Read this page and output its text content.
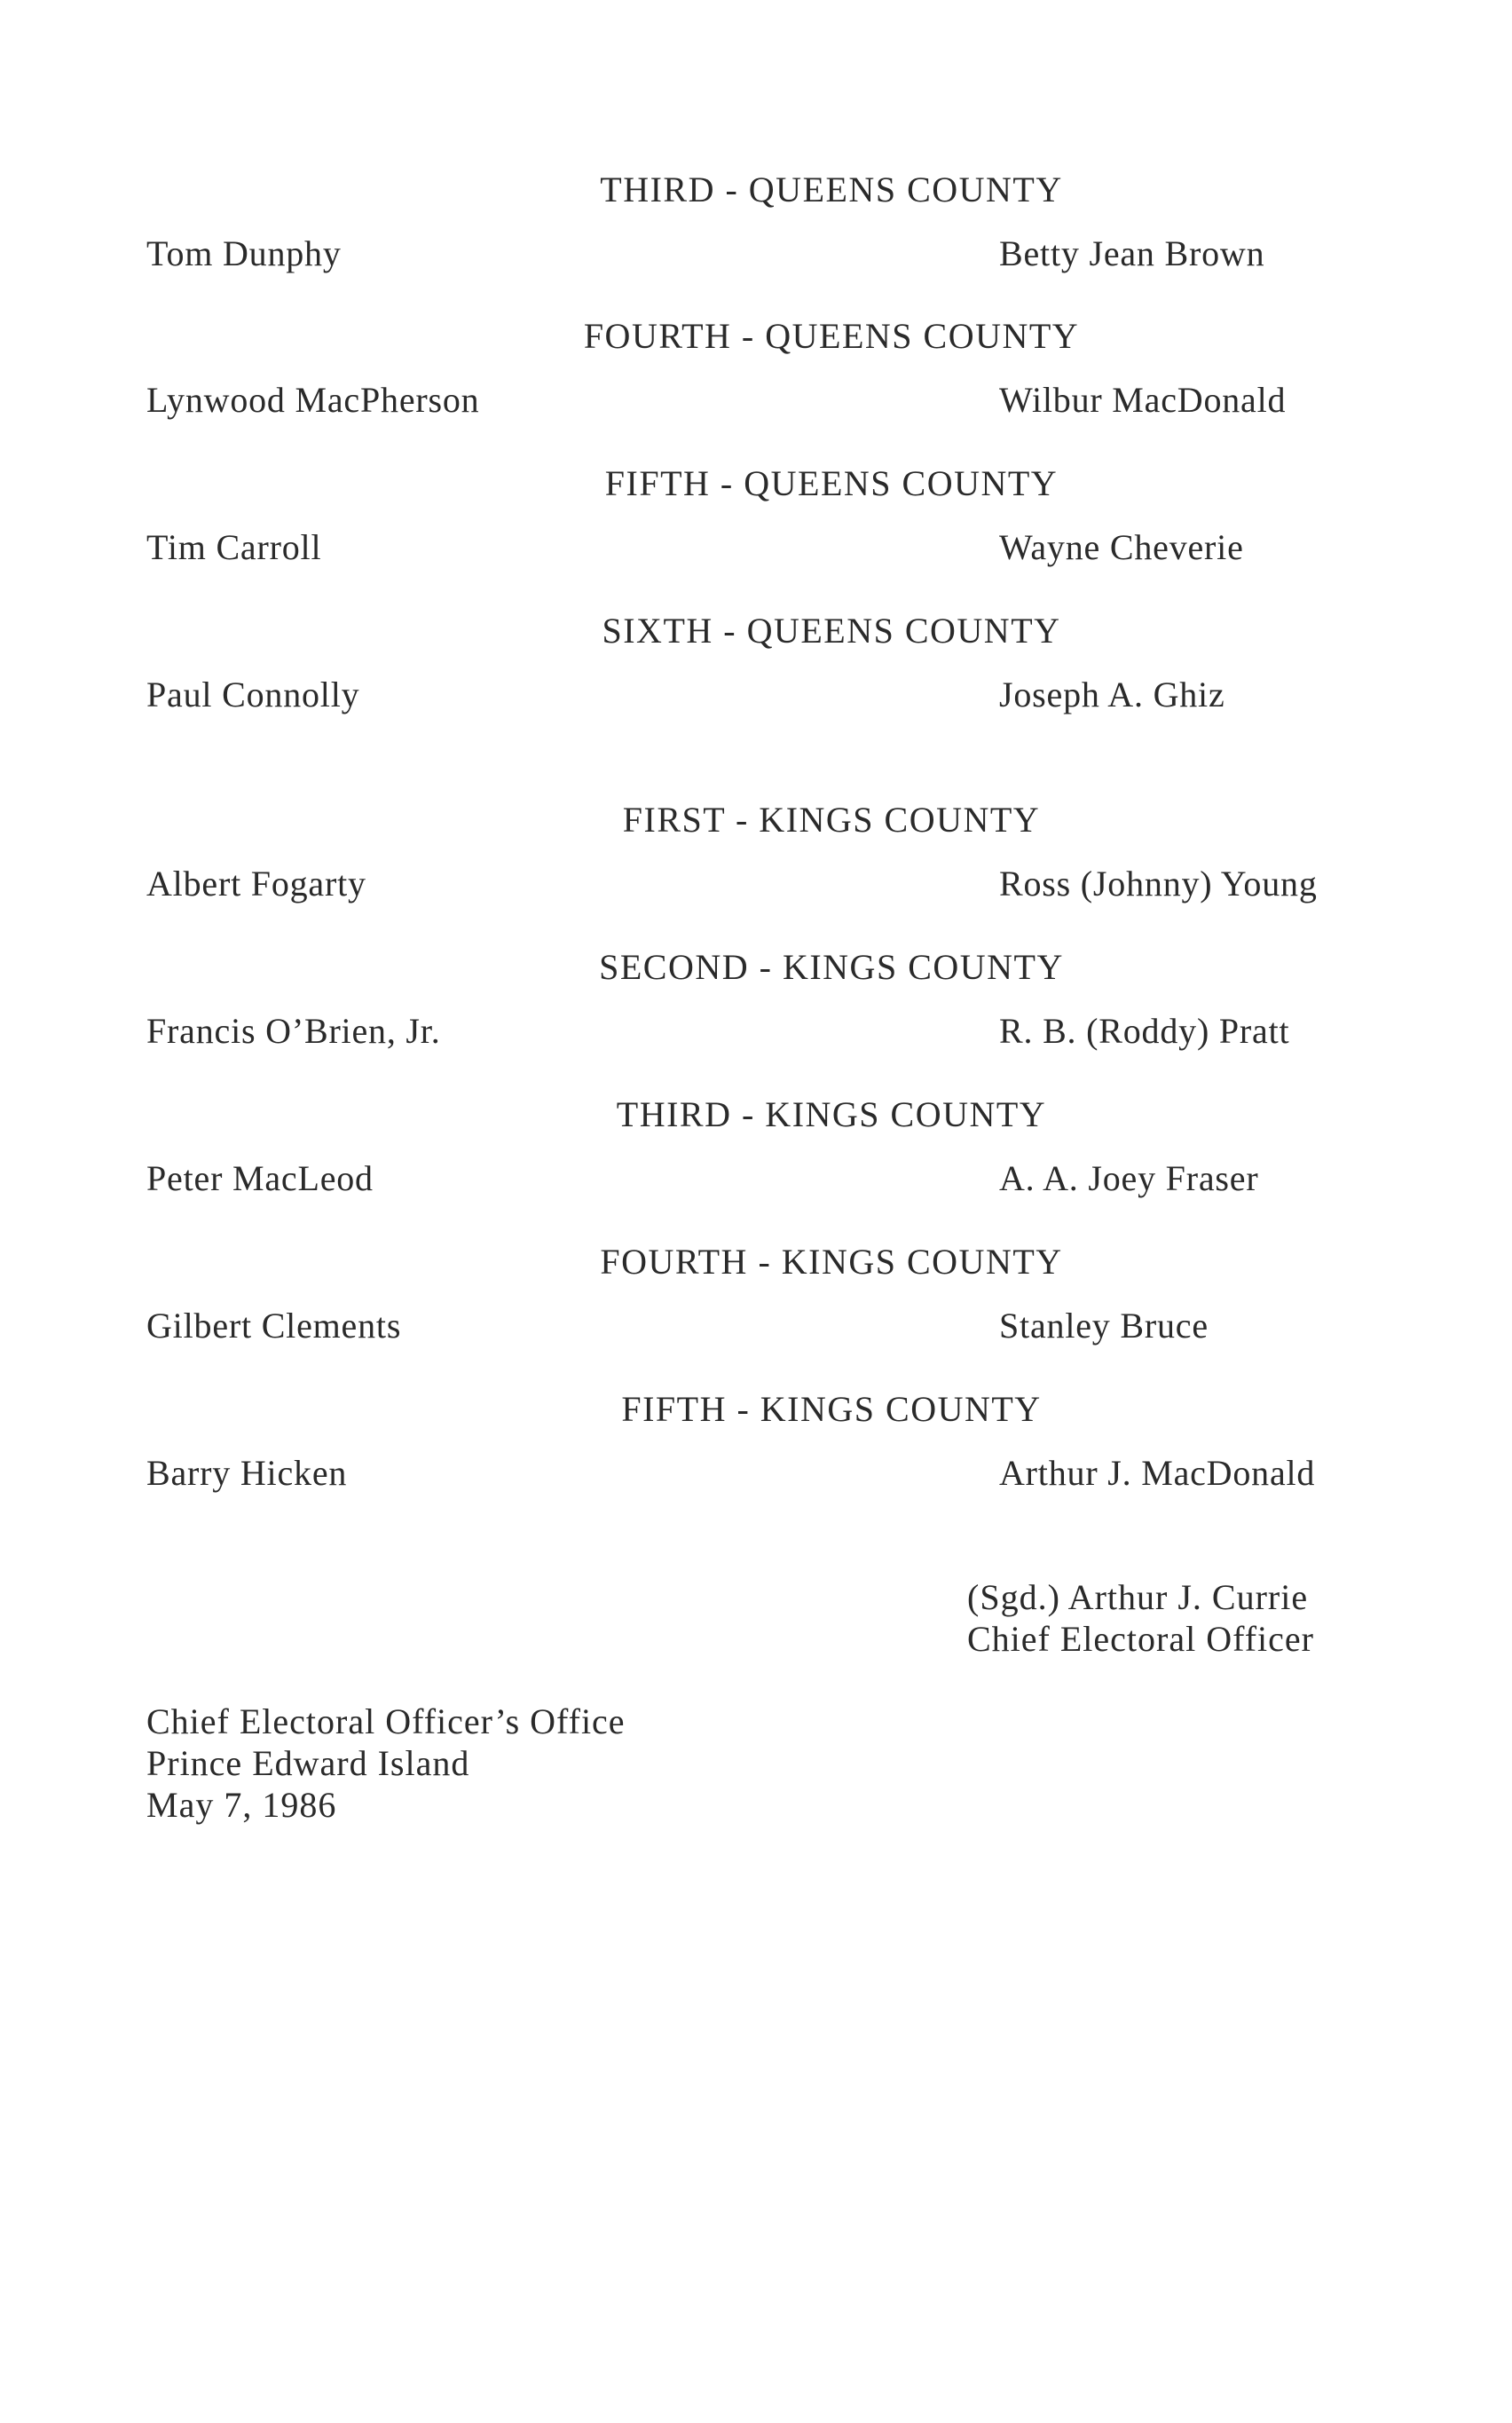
THIRD - QUEENS COUNTY
Tom Dunphy	Betty Jean Brown
FOURTH - QUEENS COUNTY
Lynwood MacPherson	Wilbur MacDonald
FIFTH - QUEENS COUNTY
Tim Carroll	Wayne Cheverie
SIXTH - QUEENS COUNTY
Paul Connolly	Joseph A. Ghiz
FIRST - KINGS COUNTY
Albert Fogarty	Ross (Johnny) Young
SECOND - KINGS COUNTY
Francis O’Brien, Jr.	R. B. (Roddy) Pratt
THIRD - KINGS COUNTY
Peter MacLeod	A. A. Joey Fraser
FOURTH - KINGS COUNTY
Gilbert Clements	Stanley Bruce
FIFTH - KINGS COUNTY
Barry Hicken	Arthur J. MacDonald
(Sgd.) Arthur J. Currie
Chief Electoral Officer
Chief Electoral Officer’s Office
Prince Edward Island
May 7, 1986
